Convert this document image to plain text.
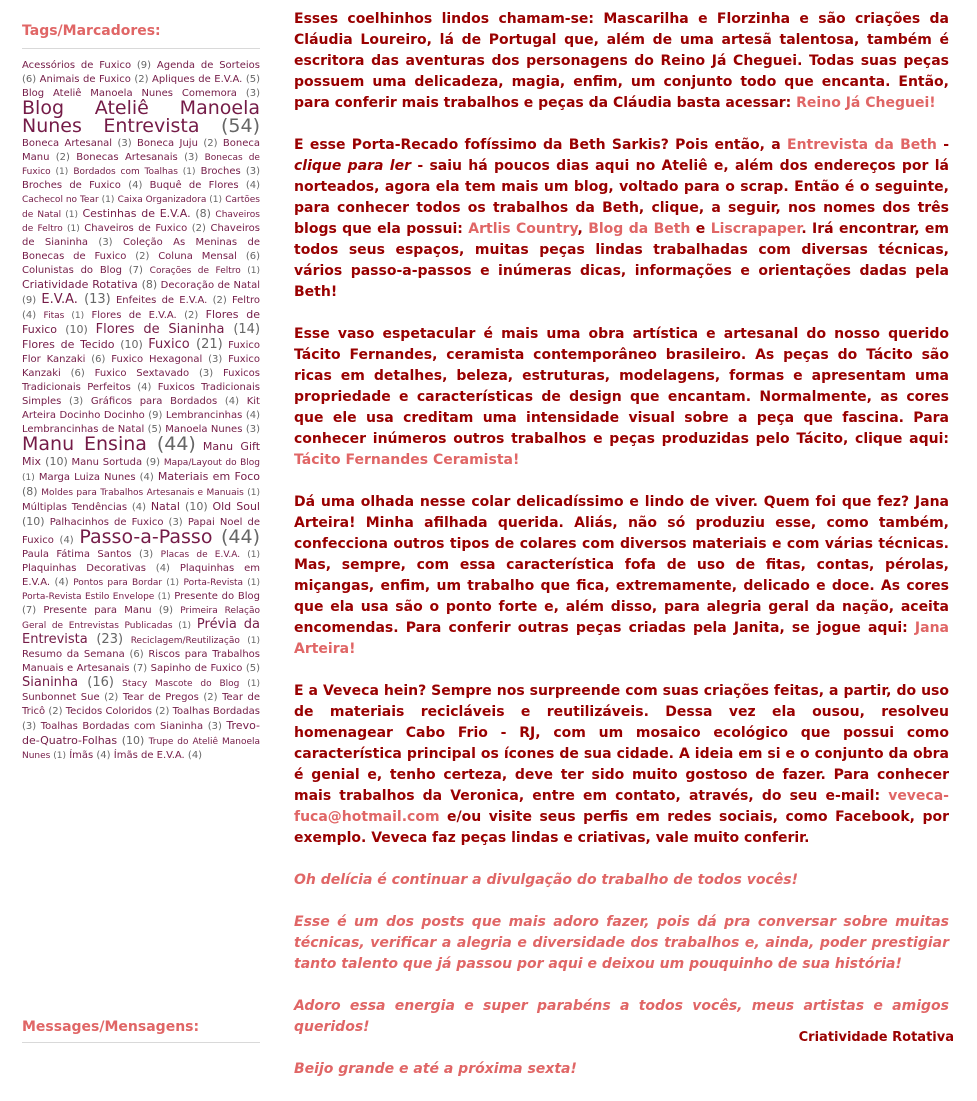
Tags/Marcadores:
Acessórios de Fuxico (9) Agenda de Sorteios (6) Animais de Fuxico (2) Apliques de E.V.A. (5) Blog Ateliê Manoela Nunes Comemora (3) Blog Ateliê Manoela Nunes Entrevista (54) Boneca Artesanal (3) Boneca Juju (2) Boneca Manu (2) Bonecas Artesanais (3) Bonecas de Fuxico (1) Bordados com Toalhas (1) Broches (3) Broches de Fuxico (4) Buquê de Flores (4) Cachecol no Tear (1) Caixa Organizadora (1) Cartões de Natal (1) Cestinhas de E.V.A. (8) Chaveiros de Feltro (1) Chaveiros de Fuxico (2) Chaveiros de Sianinha (3) Coleção As Meninas de Bonecas de Fuxico (2) Coluna Mensal (6) Colunistas do Blog (7) Corações de Feltro (1) Criatividade Rotativa (8) Decoração de Natal (9) E.V.A. (13) Enfeites de E.V.A. (2) Feltro (4) Fitas (1) Flores de E.V.A. (2) Flores de Fuxico (10) Flores de Sianinha (14) Flores de Tecido (10) Fuxico (21) Fuxico Flor Kanzaki (6) Fuxico Hexagonal (3) Fuxico Kanzaki (6) Fuxico Sextavado (3) Fuxicos Tradicionais Perfeitos (4) Fuxicos Tradicionais Simples (3) Gráficos para Bordados (4) Kit Arteira Docinho Docinho (9) Lembrancinhas (4) Lembrancinhas de Natal (5) Manoela Nunes (3) Manu Ensina (44) Manu Gift Mix (10) Manu Sortuda (9) Mapa/Layout do Blog (1) Marga Luiza Nunes (4) Materiais em Foco (8) Moldes para Trabalhos Artesanais e Manuais (1) Múltiplas Tendências (4) Natal (10) Old Soul (10) Palhacinhos de Fuxico (3) Papai Noel de Fuxico (4) Passo-a-Passo (44) Paula Fátima Santos (3) Placas de E.V.A. (1) Plaquinhas Decorativas (4) Plaquinhas em E.V.A. (4) Pontos para Bordar (1) Porta-Revista (1) Porta-Revista Estilo Envelope (1) Presente do Blog (7) Presente para Manu (9) Primeira Relação Geral de Entrevistas Publicadas (1) Prévia da Entrevista (23) Reciclagem/Reutilização (1) Resumo da Semana (6) Riscos para Trabalhos Manuais e Artesanais (7) Sapinho de Fuxico (5) Sianinha (16) Stacy Mascote do Blog (1) Sunbonnet Sue (2) Tear de Pregos (2) Tear de Tricô (2) Tecidos Coloridos (2) Toalhas Bordadas (3) Toalhas Bordadas com Sianinha (3) Trevo-de-Quatro-Folhas (10) Trupe do Ateliê Manoela Nunes (1) Ímãs (4) Ímãs de E.V.A. (4)
Messages/Mensagens:

Esses coelhinhos lindos chamam-se: Mascarilha e Florzinha e são criações da Cláudia Loureiro, lá de Portugal que, além de uma artesã talentosa, também é escritora das aventuras dos personagens do Reino Já Cheguei. Todas suas peças possuem uma delicadeza, magia, enfim, um conjunto todo que encanta. Então, para conferir mais trabalhos e peças da Cláudia basta acessar: Reino Já Cheguei!

E esse Porta-Recado fofíssimo da Beth Sarkis? Pois então, a Entrevista da Beth - clique para ler - saiu há poucos dias aqui no Ateliê e, além dos endereços por lá norteados, agora ela tem mais um blog, voltado para o scrap. Então é o seguinte, para conhecer todos os trabalhos da Beth, clique, a seguir, nos nomes dos três blogs que ela possui: Artlis Country, Blog da Beth e Liscrapaper. Irá encontrar, em todos seus espaços, muitas peças lindas trabalhadas com diversas técnicas, vários passo-a-passos e inúmeras dicas, informações e orientações dadas pela Beth!

Esse vaso espetacular é mais uma obra artística e artesanal do nosso querido Tácito Fernandes, ceramista contemporâneo brasileiro. As peças do Tácito são ricas em detalhes, beleza, estruturas, modelagens, formas e apresentam uma propriedade e características de design que encantam. Normalmente, as cores que ele usa creditam uma intensidade visual sobre a peça que fascina. Para conhecer inúmeros outros trabalhos e peças produzidas pelo Tácito, clique aqui: Tácito Fernandes Ceramista!

Dá uma olhada nesse colar delicadíssimo e lindo de viver. Quem foi que fez? Jana Arteira! Minha afilhada querida. Aliás, não só produziu esse, como também, confecciona outros tipos de colares com diversos materiais e com várias técnicas. Mas, sempre, com essa característica fofa de uso de fitas, contas, pérolas, miçangas, enfim, um trabalho que fica, extremamente, delicado e doce. As cores que ela usa são o ponto forte e, além disso, para alegria geral da nação, aceita encomendas. Para conferir outras peças criadas pela Janita, se jogue aqui: Jana Arteira!

E a Veveca hein? Sempre nos surpreende com suas criações feitas, a partir, do uso de materiais recicláveis e reutilizáveis. Dessa vez ela ousou, resolveu homenagear Cabo Frio - RJ, com um mosaico ecológico que possui como característica principal os ícones de sua cidade. A ideia em si e o conjunto da obra é genial e, tenho certeza, deve ter sido muito gostoso de fazer. Para conhecer mais trabalhos da Veronica, entre em contato, através, do seu e-mail: veveca-fuca@hotmail.com e/ou visite seus perfis em redes sociais, como Facebook, por exemplo. Veveca faz peças lindas e criativas, vale muito conferir.

Oh delícia é continuar a divulgação do trabalho de todos vocês!

Esse é um dos posts que mais adoro fazer, pois dá pra conversar sobre muitas técnicas, verificar a alegria e diversidade dos trabalhos e, ainda, poder prestigiar tanto talento que já passou por aqui e deixou um pouquinho de sua história!

Adoro essa energia e super parabéns a todos vocês, meus artistas e amigos queridos!

Beijo grande e até a próxima sexta!

Criatividade Rotativa
